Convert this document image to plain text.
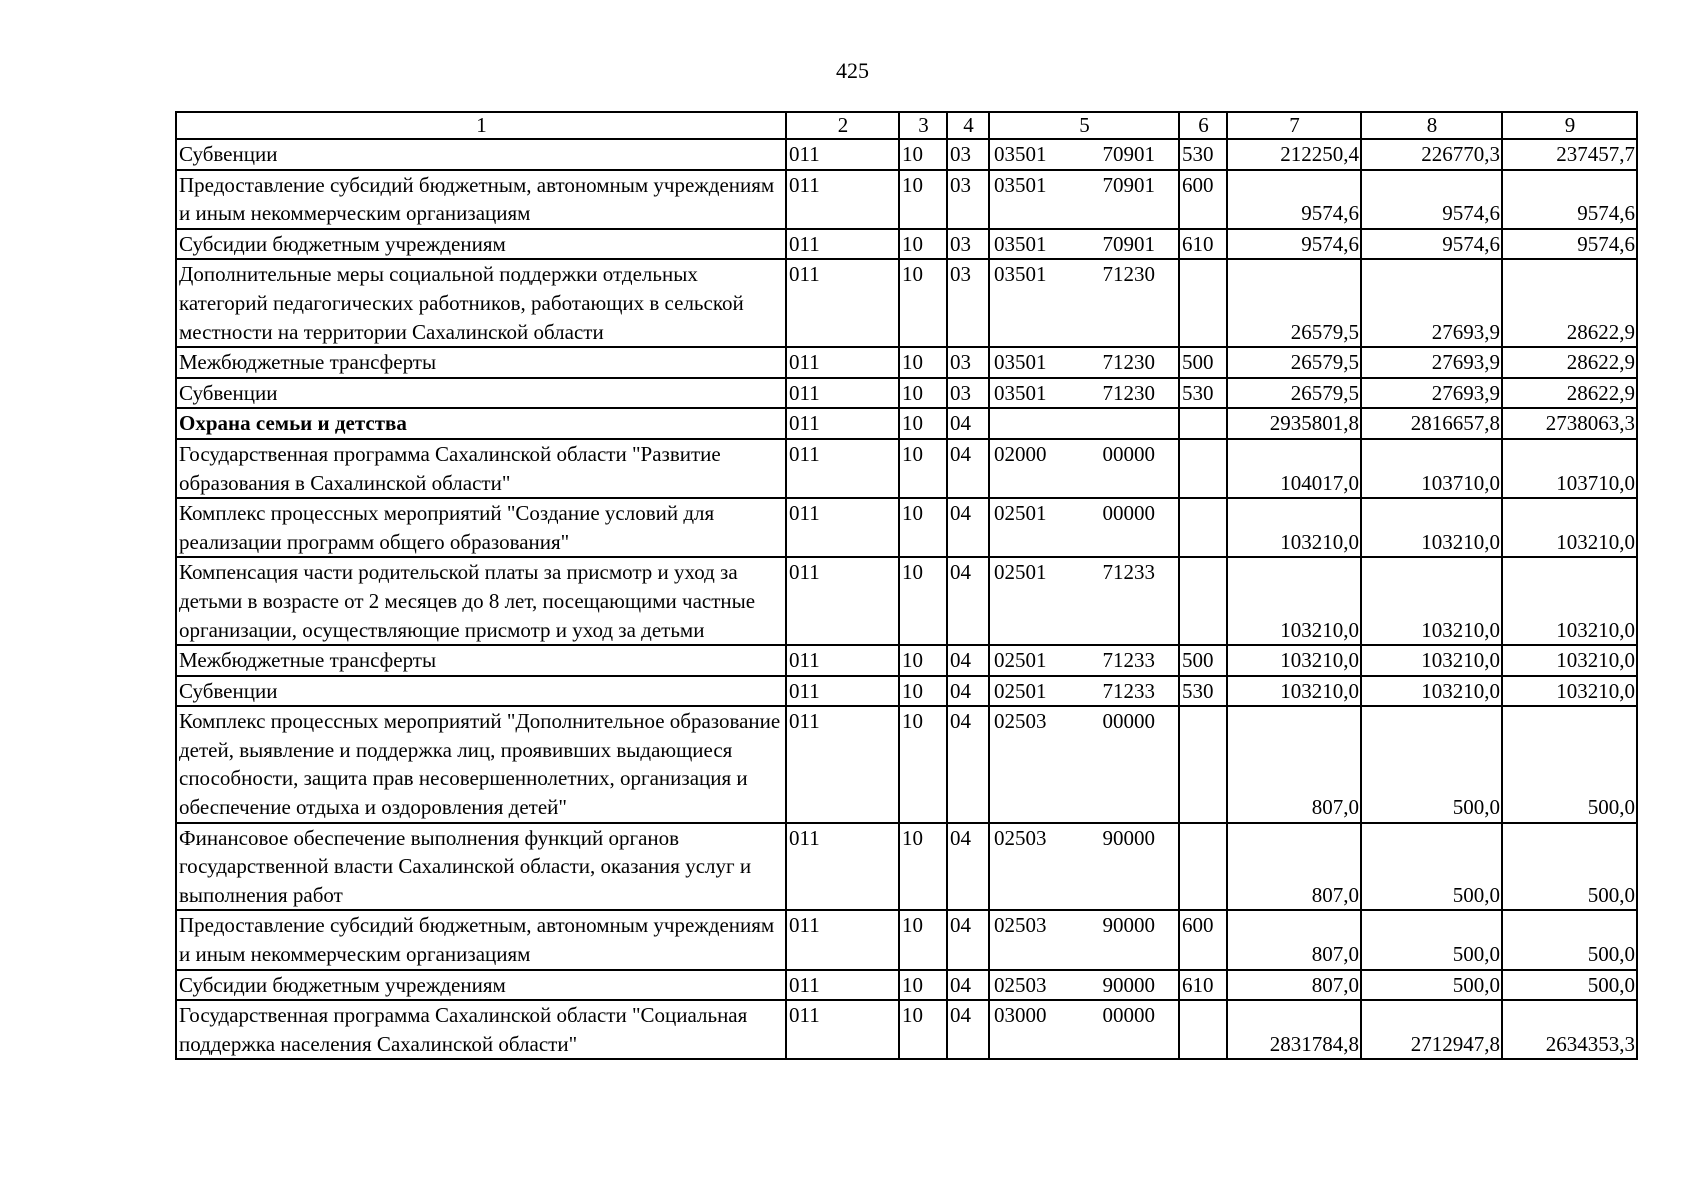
425
1	2	3	4	5	6	7	8	9
Субвенции	011	10	03	03501 70901	530	212250,4	226770,3	237457,7
Предоставление субсидий бюджетным, автономным учреждениям и иным некоммерческим организациям	011	10	03	03501 70901	600	9574,6	9574,6	9574,6
Субсидии бюджетным учреждениям	011	10	03	03501 70901	610	9574,6	9574,6	9574,6
Дополнительные меры социальной поддержки отдельных категорий педагогических работников, работающих в сельской местности на территории Сахалинской области	011	10	03	03501 71230		26579,5	27693,9	28622,9
Межбюджетные трансферты	011	10	03	03501 71230	500	26579,5	27693,9	28622,9
Субвенции	011	10	03	03501 71230	530	26579,5	27693,9	28622,9
Охрана семьи и детства	011	10	04			2935801,8	2816657,8	2738063,3
Государственная программа Сахалинской области "Развитие образования в Сахалинской области"	011	10	04	02000 00000		104017,0	103710,0	103710,0
Комплекс процессных мероприятий "Создание условий для реализации программ общего образования"	011	10	04	02501 00000		103210,0	103210,0	103210,0
Компенсация части родительской платы за присмотр и уход за детьми в возрасте от 2 месяцев до 8 лет, посещающими частные организации, осуществляющие присмотр и уход за детьми	011	10	04	02501 71233		103210,0	103210,0	103210,0
Межбюджетные трансферты	011	10	04	02501 71233	500	103210,0	103210,0	103210,0
Субвенции	011	10	04	02501 71233	530	103210,0	103210,0	103210,0
Комплекс процессных мероприятий "Дополнительное образование детей, выявление и поддержка лиц, проявивших выдающиеся способности, защита прав несовершеннолетних, организация и обеспечение отдыха и оздоровления детей"	011	10	04	02503 00000		807,0	500,0	500,0
Финансовое обеспечение выполнения функций органов государственной власти Сахалинской области, оказания услуг и выполнения работ	011	10	04	02503 90000		807,0	500,0	500,0
Предоставление субсидий бюджетным, автономным учреждениям и иным некоммерческим организациям	011	10	04	02503 90000	600	807,0	500,0	500,0
Субсидии бюджетным учреждениям	011	10	04	02503 90000	610	807,0	500,0	500,0
Государственная программа Сахалинской области "Социальная поддержка населения Сахалинской области"	011	10	04	03000 00000		2831784,8	2712947,8	2634353,3
